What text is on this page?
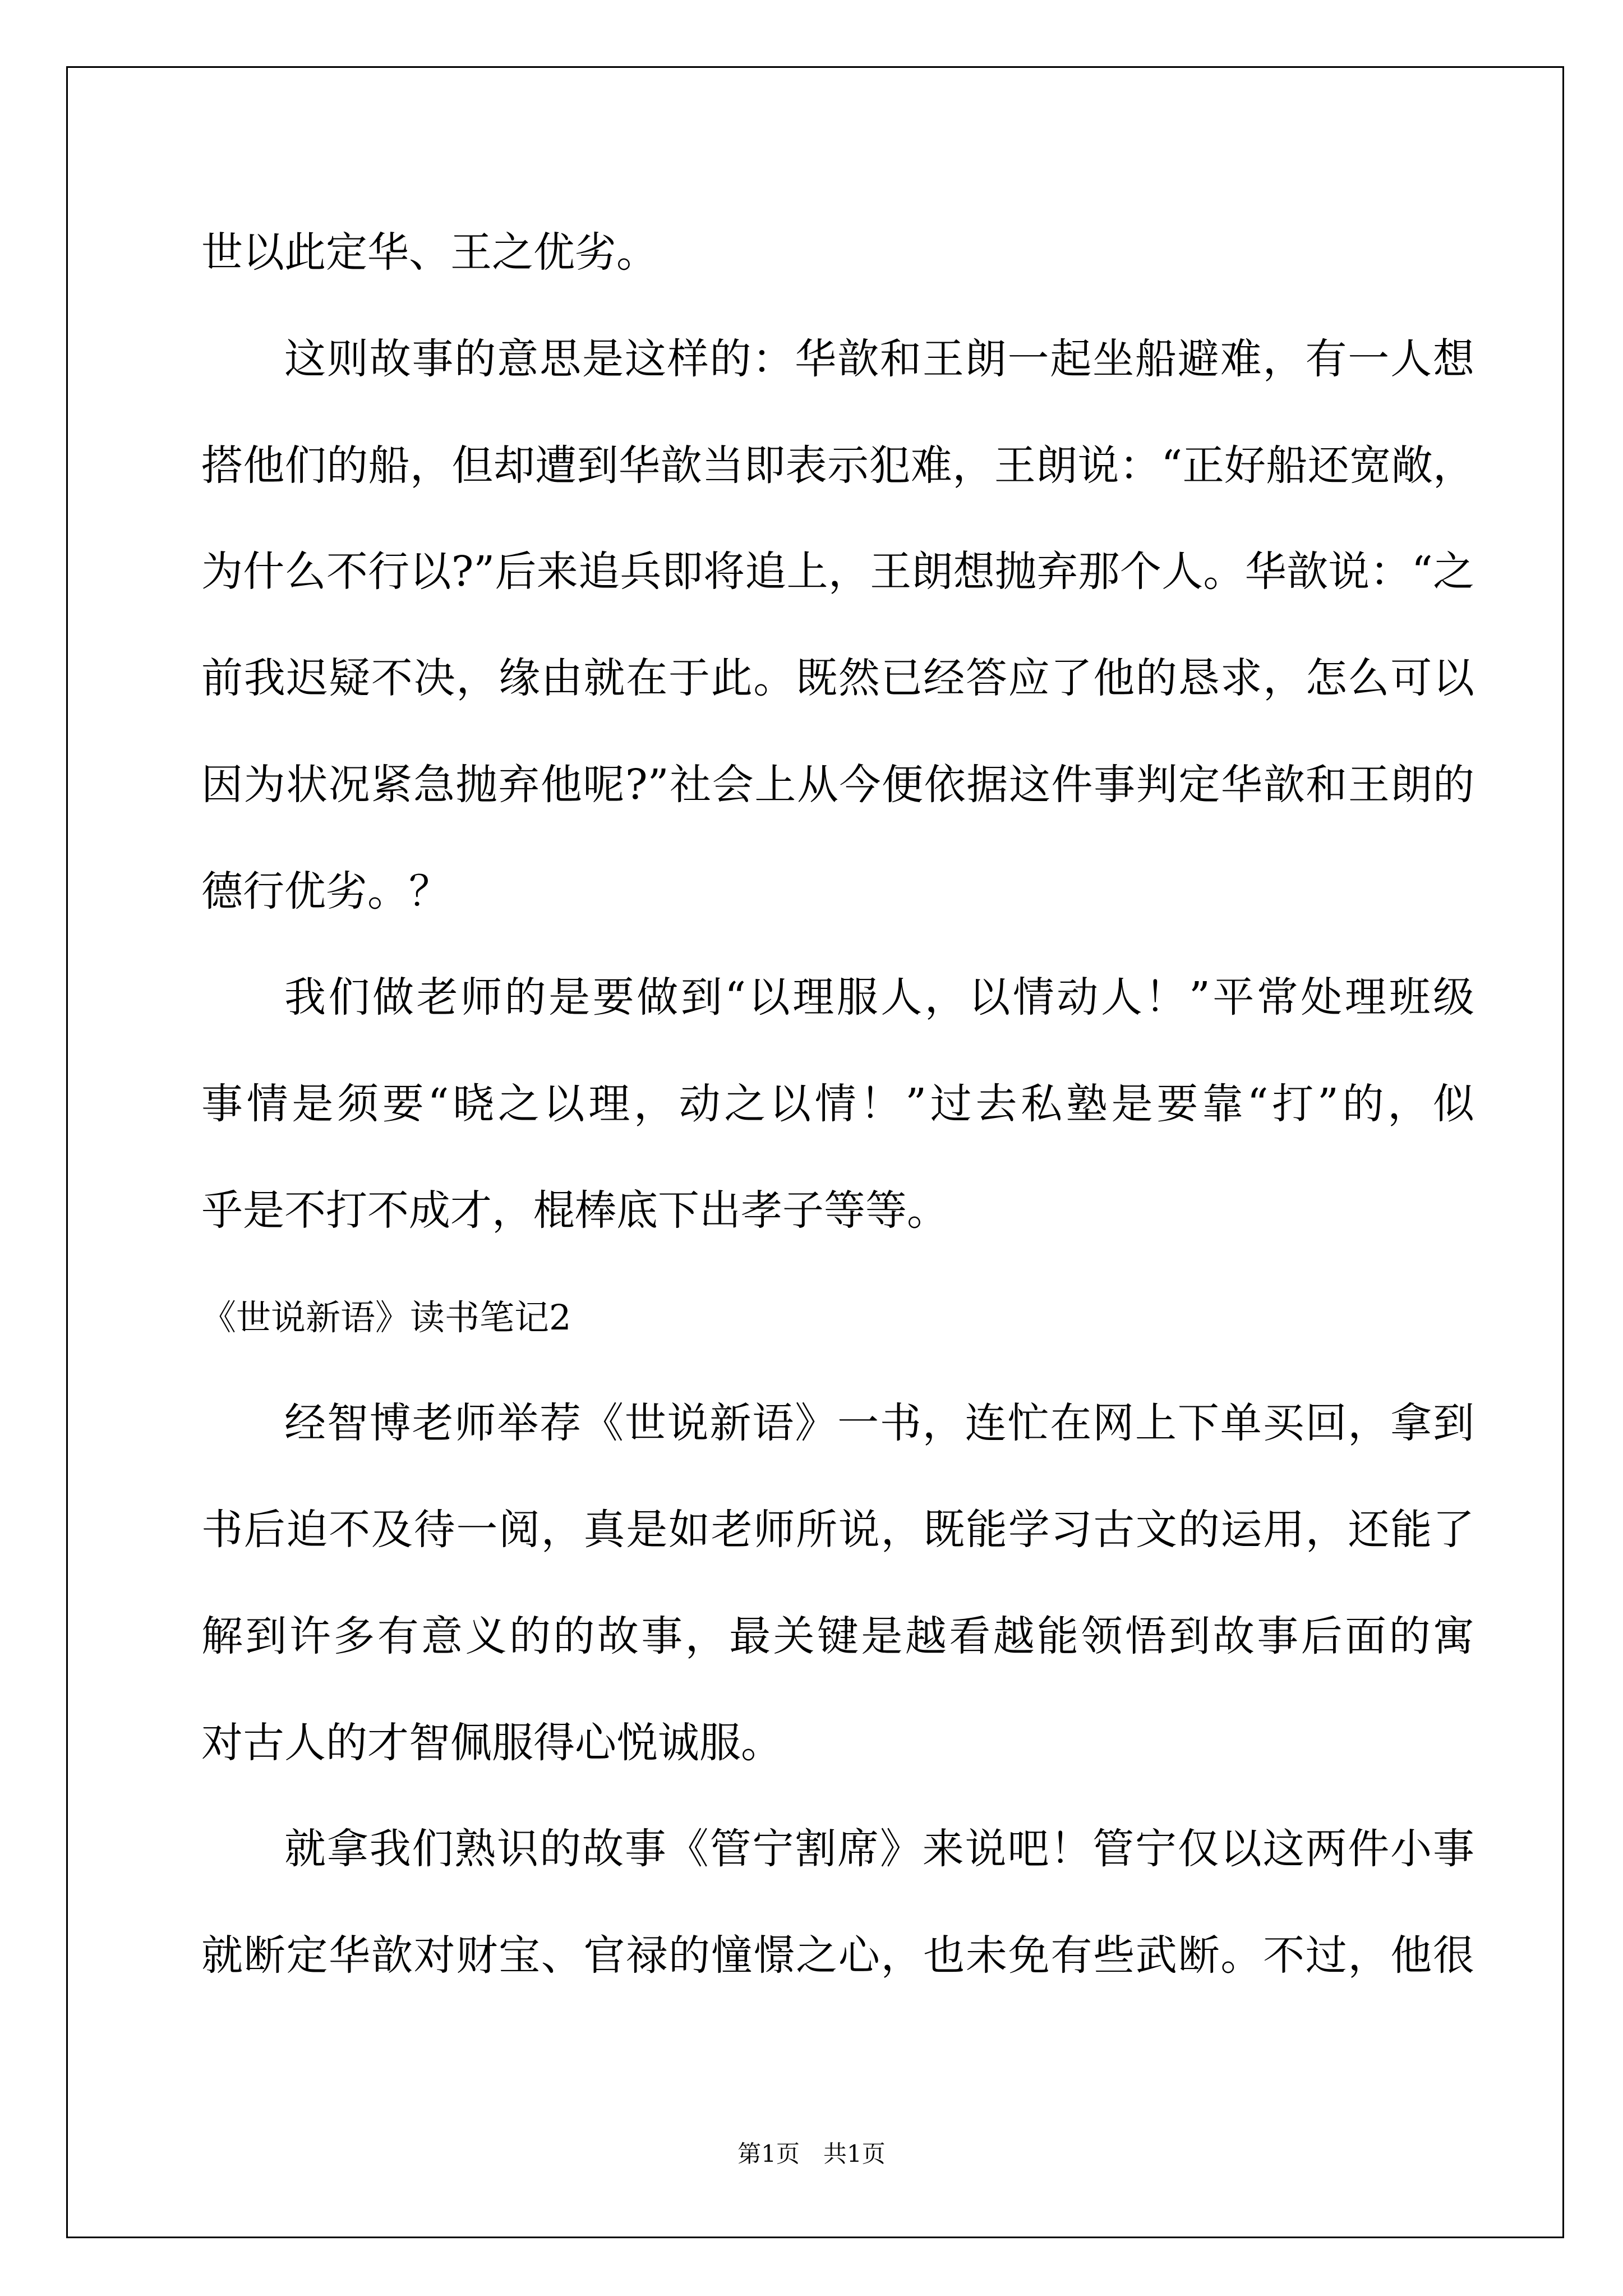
世以此定华、王之优劣。
这则故事的意思是这样的：华歆和王朗一起坐船避难，有一人想
搭他们的船，但却遭到华歆当即表示犯难，王朗说：“正好船还宽敞，
为什么不行以?”后来追兵即将追上，王朗想抛弃那个人。华歆说：“之
前我迟疑不决，缘由就在于此。既然已经答应了他的恳求，怎么可以
因为状况紧急抛弃他呢?”社会上从今便依据这件事判定华歆和王朗的
德行优劣。？
我们做老师的是要做到“以理服人，以情动人！”平常处理班级
事情是须要“晓之以理，动之以情！”过去私塾是要靠“打”的，似
乎是不打不成才，棍棒底下出孝子等等。
《世说新语》读书笔记2
经智博老师举荐《世说新语》一书，连忙在网上下单买回，拿到
书后迫不及待一阅，真是如老师所说，既能学习古文的运用，还能了
解到许多有意义的的故事，最关键是越看越能领悟到故事后面的寓
对古人的才智佩服得心悦诚服。
就拿我们熟识的故事《管宁割席》来说吧！管宁仅以这两件小事
就断定华歆对财宝、官禄的憧憬之心，也未免有些武断。不过，他很
第1页　共1页
